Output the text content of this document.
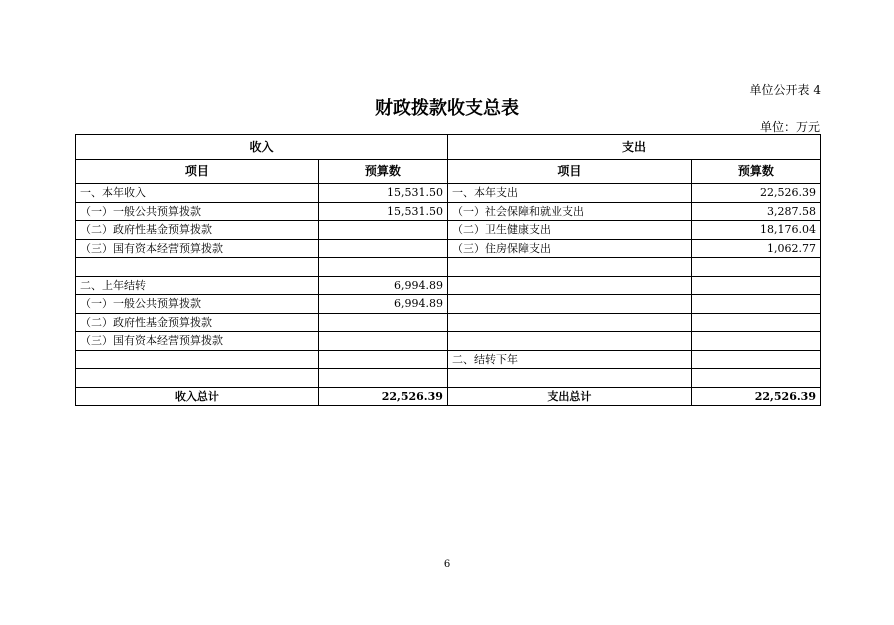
单位公开表 4
财政拨款收支总表
单位：万元
收入		支出	
项目	预算数	项目	预算数
一、本年收入	15,531.50	一、本年支出	22,526.39
（一）一般公共预算拨款	15,531.50	（一）社会保障和就业支出	3,287.58
（二）政府性基金预算拨款		（二）卫生健康支出	18,176.04
（三）国有资本经营预算拨款		（三）住房保障支出	1,062.77

二、上年结转	6,994.89		
（一）一般公共预算拨款	6,994.89		
（二）政府性基金预算拨款			
（三）国有资本经营预算拨款			
		二、结转下年	

收入总计	22,526.39	支出总计	22,526.39
6
